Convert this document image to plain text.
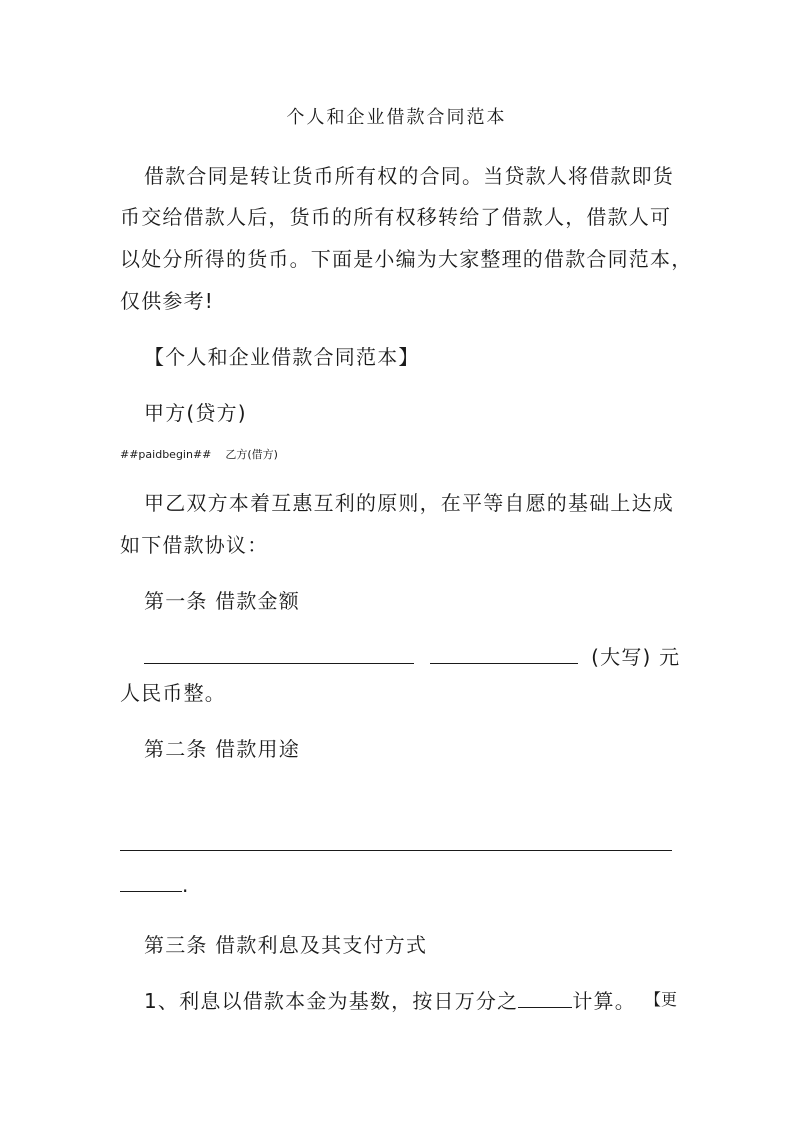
个人和企业借款合同范本
借款合同是转让货币所有权的合同。当贷款人将借款即货
币交给借款人后，货币的所有权移转给了借款人，借款人可
以处分所得的货币。下面是小编为大家整理的借款合同范本，
仅供参考!
【个人和企业借款合同范本】
甲方(贷方)
##paidbegin## 乙方(借方)
甲乙双方本着互惠互利的原则，在平等自愿的基础上达成
如下借款协议：
第一条 借款金额
(大写) 元
人民币整。
第二条 借款用途
.
第三条 借款利息及其支付方式
1、利息以借款本金为基数，按日万分之	计算。 【更
